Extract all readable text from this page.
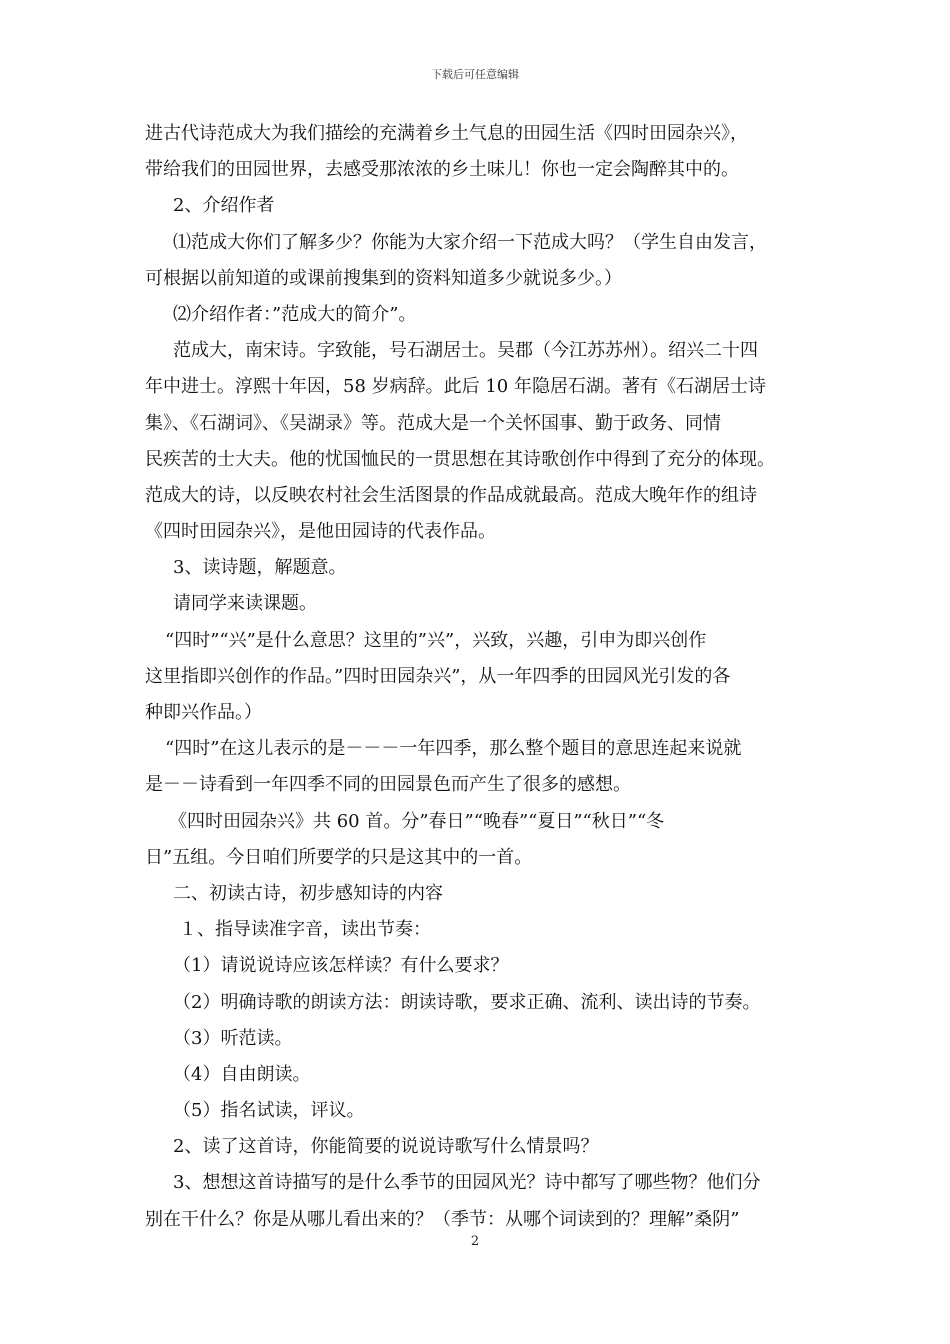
下载后可任意编辑
进古代诗范成大为我们描绘的充满着乡土气息的田园生活《四时田园杂兴》，
带给我们的田园世界，去感受那浓浓的乡土味儿！你也一定会陶醉其中的。
2、介绍作者
⑴范成大你们了解多少？你能为大家介绍一下范成大吗？（学生自由发言，
可根据以前知道的或课前搜集到的资料知道多少就说多少。）
⑵介绍作者：”范成大的简介”。
范成大，南宋诗。字致能，号石湖居士。吴郡（今江苏苏州）。绍兴二十四
年中进士。淳熙十年因，58 岁病辞。此后 10 年隐居石湖。著有《石湖居士诗
集》、《石湖词》、《吴湖录》等。范成大是一个关怀国事、勤于政务、同情
民疾苦的士大夫。他的忧国恤民的一贯思想在其诗歌创作中得到了充分的体现。
范成大的诗，以反映农村社会生活图景的作品成就最高。范成大晚年作的组诗
《四时田园杂兴》，是他田园诗的代表作品。
3、读诗题，解题意。
请同学来读课题。
“四时”“兴”是什么意思？这里的”兴”，兴致，兴趣，引申为即兴创作
这里指即兴创作的作品。”四时田园杂兴”，从一年四季的田园风光引发的各
种即兴作品。）
“四时”在这儿表示的是－－－一年四季，那么整个题目的意思连起来说就
是－－诗看到一年四季不同的田园景色而产生了很多的感想。
《四时田园杂兴》共 60 首。分”春日”“晚春”“夏日”“秋日”“冬
日”五组。今日咱们所要学的只是这其中的一首。
二、初读古诗，初步感知诗的内容
１、指导读准字音，读出节奏：
（1）请说说诗应该怎样读？有什么要求？
（2）明确诗歌的朗读方法：朗读诗歌，要求正确、流利、读出诗的节奏。
（3）听范读。
（4）自由朗读。
（5）指名试读，评议。
2、读了这首诗，你能简要的说说诗歌写什么情景吗？
3、想想这首诗描写的是什么季节的田园风光？诗中都写了哪些物？他们分
别在干什么？你是从哪儿看出来的？（季节：从哪个词读到的？理解”桑阴”
2
